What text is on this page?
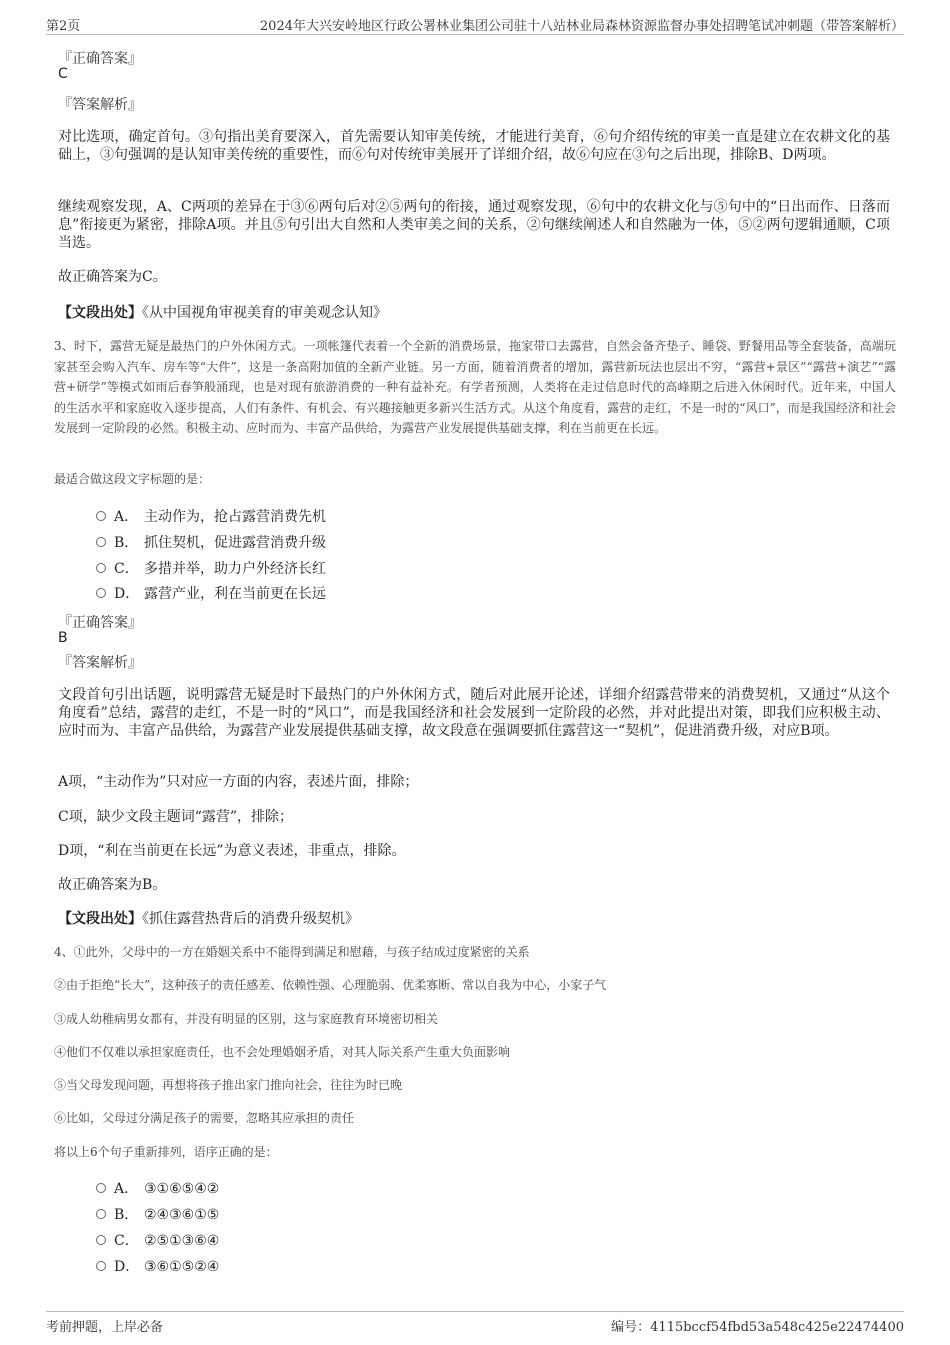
第2页	2024年大兴安岭地区行政公署林业集团公司驻十八站林业局森林资源监督办事处招聘笔试冲刺题（带答案解析）
『正确答案』
C
『答案解析』
对比选项，确定首句。③句指出美育要深入，首先需要认知审美传统，才能进行美育，⑥句介绍传统的审美一直是建立在农耕文化的基础上，③句强调的是认知审美传统的重要性，而⑥句对传统审美展开了详细介绍，故⑥句应在③句之后出现，排除B、D两项。
继续观察发现，A、C两项的差异在于③⑥两句后对②⑤两句的衔接，通过观察发现，⑥句中的农耕文化与⑤句中的“日出而作、日落而息”衔接更为紧密，排除A项。并且⑤句引出大自然和人类审美之间的关系，②句继续阐述人和自然融为一体，⑤②两句逻辑通顺，C项当选。
故正确答案为C。
【文段出处】《从中国视角审视美育的审美观念认知》
3、时下，露营无疑是最热门的户外休闲方式。一项帐篷代表着一个全新的消费场景，拖家带口去露营，自然会备齐垫子、睡袋、野餐用品等全套装备，高端玩家甚至会购入汽车、房车等“大件”，这是一条高附加值的全新产业链。另一方面，随着消费者的增加，露营新玩法也层出不穷，“露营+景区”“露营+演艺”“露营+研学”等模式如雨后春笋般涌现，也是对现有旅游消费的一种有益补充。有学者预测，人类将在走过信息时代的高峰期之后进入休闲时代。近年来，中国人的生活水平和家庭收入逐步提高，人们有条件、有机会、有兴趣接触更多新兴生活方式。从这个角度看，露营的走红，不是一时的“风口”，而是我国经济和社会发展到一定阶段的必然。积极主动、应时而为、丰富产品供给，为露营产业发展提供基础支撑，利在当前更在长远。
最适合做这段文字标题的是：
A． 主动作为，抢占露营消费先机
B． 抓住契机，促进露营消费升级
C． 多措并举，助力户外经济长红
D． 露营产业，利在当前更在长远
『正确答案』
B
『答案解析』
文段首句引出话题，说明露营无疑是时下最热门的户外休闲方式，随后对此展开论述，详细介绍露营带来的消费契机，又通过“从这个角度看”总结，露营的走红，不是一时的“风口”，而是我国经济和社会发展到一定阶段的必然，并对此提出对策，即我们应积极主动、应时而为、丰富产品供给，为露营产业发展提供基础支撑，故文段意在强调要抓住露营这一“契机”，促进消费升级，对应B项。
A项，“主动作为”只对应一方面的内容，表述片面，排除；
C项，缺少文段主题词“露营”，排除；
D项，“利在当前更在长远”为意义表述，非重点，排除。
故正确答案为B。
【文段出处】《抓住露营热背后的消费升级契机》
4、①此外，父母中的一方在婚姻关系中不能得到满足和慰藉，与孩子结成过度紧密的关系
②由于拒绝“长大”，这种孩子的责任感差、依赖性强、心理脆弱、优柔寡断、常以自我为中心，小家子气
③成人幼稚病男女都有，并没有明显的区别，这与家庭教育环境密切相关
④他们不仅难以承担家庭责任，也不会处理婚姻矛盾，对其人际关系产生重大负面影响
⑤当父母发现问题，再想将孩子推出家门推向社会，往往为时已晚
⑥比如，父母过分满足孩子的需要，忽略其应承担的责任
将以上6个句子重新排列，语序正确的是：
A． ③①⑥⑤④②
B． ②④③⑥①⑤
C． ②⑤①③⑥④
D． ③⑥①⑤②④
考前押题，上岸必备	编号：4115bccf54fbd53a548c425e22474400
